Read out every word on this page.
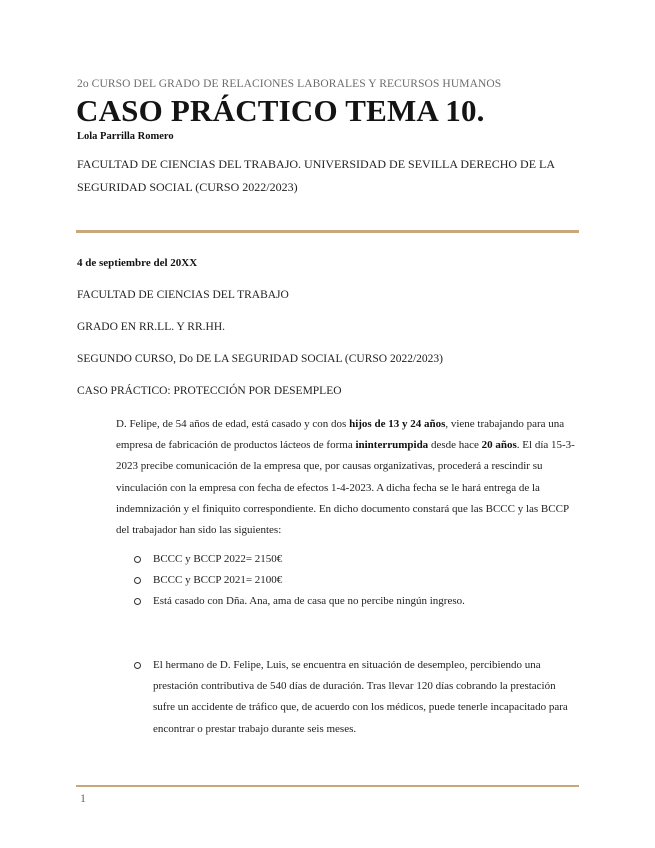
2o CURSO DEL GRADO DE RELACIONES LABORALES Y RECURSOS HUMANOS
CASO PRÁCTICO TEMA 10.
Lola Parrilla Romero
FACULTAD DE CIENCIAS DEL TRABAJO. UNIVERSIDAD DE SEVILLA DERECHO DE LA SEGURIDAD SOCIAL (CURSO 2022/2023)
4 de septiembre del 20XX
FACULTAD DE CIENCIAS DEL TRABAJO
GRADO EN RR.LL. Y RR.HH.
SEGUNDO CURSO, Do DE LA SEGURIDAD SOCIAL (CURSO 2022/2023)
CASO PRÁCTICO: PROTECCIÓN POR DESEMPLEO
D. Felipe, de 54 años de edad, está casado y con dos hijos de 13 y 24 años, viene trabajando para una empresa de fabricación de productos lácteos de forma ininterrumpida desde hace 20 años. El día 15-3-2023 precibe comunicación de la empresa que, por causas organizativas, procederá a rescindir su vinculación con la empresa con fecha de efectos 1-4-2023. A dicha fecha se le hará entrega de la indemnización y el finiquito correspondiente. En dicho documento constará que las BCCC y las BCCP del trabajador han sido las siguientes:
BCCC y BCCP 2022= 2150€
BCCC y BCCP 2021= 2100€
Está casado con Dña. Ana, ama de casa que no percibe ningún ingreso.
El hermano de D. Felipe, Luis, se encuentra en situación de desempleo, percibiendo una prestación contributiva de 540 días de duración. Tras llevar 120 días cobrando la prestación sufre un accidente de tráfico que, de acuerdo con los médicos, puede tenerle incapacitado para encontrar o prestar trabajo durante seis meses.
1
